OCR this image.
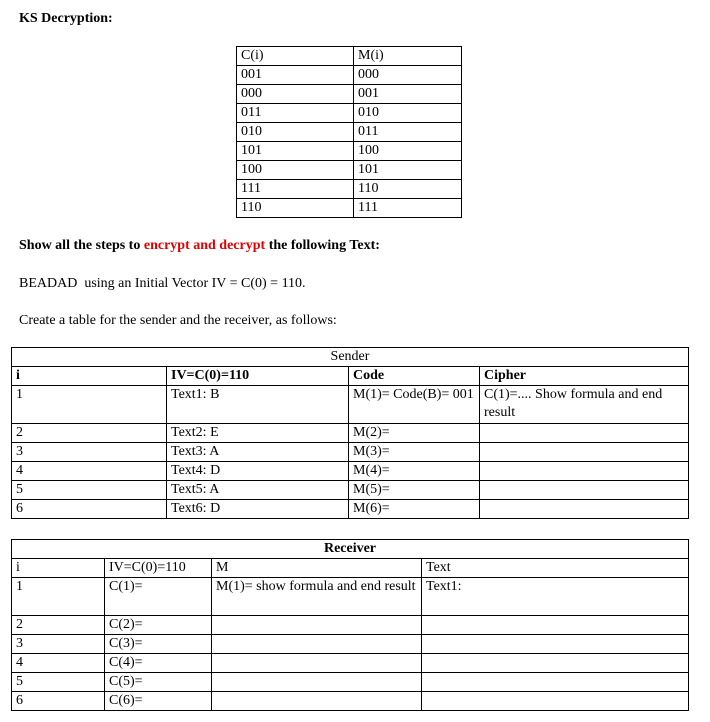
KS Decryption:
C(i)	M(i)
001	000
000	001
011	010
010	011
101	100
100	101
111	110
110	111
Show all the steps to encrypt and decrypt the following Text:
BEADAD  using an Initial Vector IV = C(0) = 110.
Create a table for the sender and the receiver, as follows:
Sender			
i	IV=C(0)=110	Code	Cipher
1	Text1: B	M(1)= Code(B)= 001	C(1)=.... Show formula and end result
2	Text2: E	M(2)=	
3	Text3: A	M(3)=	
4	Text4: D	M(4)=	
5	Text5: A	M(5)=	
6	Text6: D	M(6)=	
Receiver			
i	IV=C(0)=110	M	Text
1	C(1)=	M(1)= show formula and end result	Text1:
2	C(2)=		
3	C(3)=		
4	C(4)=		
5	C(5)=		
6	C(6)=		
